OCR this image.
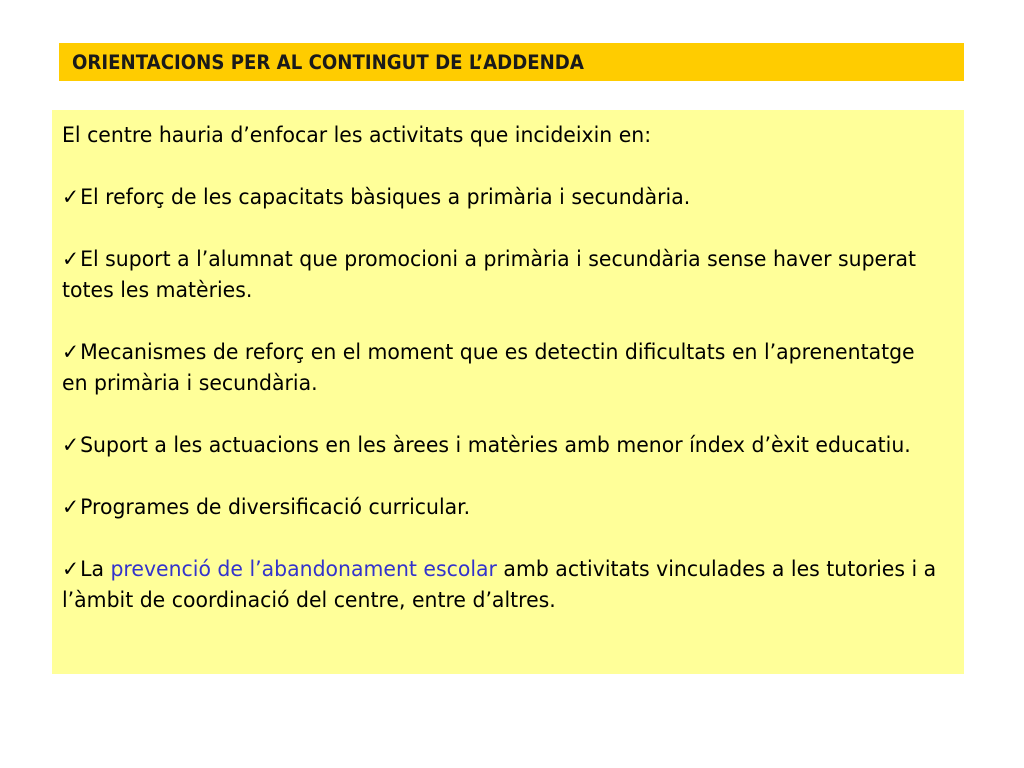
ORIENTACIONS PER AL CONTINGUT DE L’ADDENDA
El centre hauria d’enfocar les activitats que incideixin en:
✓El reforç de les capacitats bàsiques a primària i secundària.
✓El suport a l’alumnat que promocioni a primària i secundària sense haver superat totes les matèries.
✓Mecanismes de reforç en el moment que es detectin dificultats en l’aprenentatge en primària i secundària.
✓Suport a les actuacions en les àrees i matèries amb menor índex d’èxit educatiu.
✓Programes de diversificació curricular.
✓La prevenció de l’abandonament escolar amb activitats vinculades a les tutories i a l’àmbit de coordinació del centre, entre d’altres.
